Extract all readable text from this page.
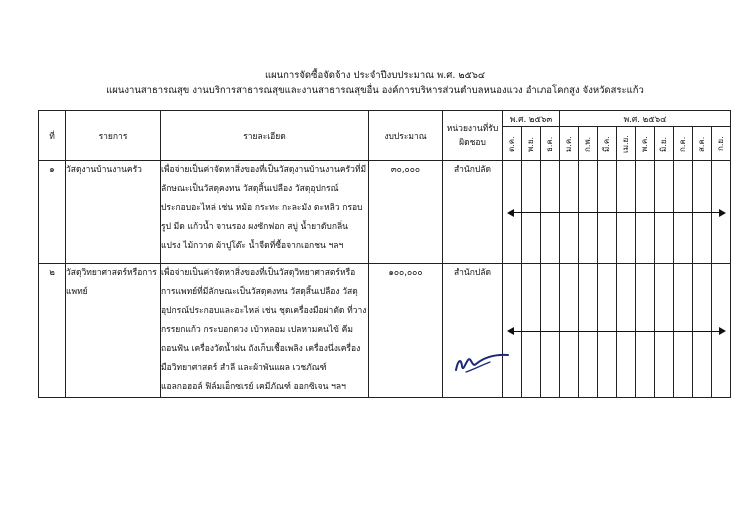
แผนการจัดซื้อจัดจ้าง ประจำปีงบประมาณ พ.ศ. ๒๕๖๔
แผนงานสาธารณสุข งานบริการสาธารณสุขและงานสาธารณสุขอื่น องค์การบริหารส่วนตำบลหนองแวง อำเภอโคกสูง จังหวัดสระแก้ว
ที่	รายการ	รายละเอียด	งบประมาณ	หน่วยงานที่รับผิดชอบ	พ.ศ. ๒๕๖๓			พ.ศ. ๒๕๖๔								

					ต.ค.	พ.ย.	ธ.ค.	ม.ค.	ก.พ.	มี.ค.	เม.ย.	พ.ค.	มิ.ย.	ก.ค.	ส.ค.	ก.ย.

๑	วัสดุงานบ้านงานครัว	เพื่อจ่ายเป็นค่าจัดหาสิ่งของที่เป็นวัสดุงานบ้านงานครัวที่มีลักษณะเป็นวัสดุคงทน วัสดุสิ้นเปลือง วัสดุอุปกรณ์ประกอบอะไหล่ เช่น หม้อ กระทะ กะละมัง ตะหลิว กรอบรูป มีด แก้วน้ำ จานรอง ผงซักฟอก สบู่ น้ำยาดับกลิ่น แปรง ไม้กวาด ผ้าปูโต๊ะ น้ำจืดที่ซื้อจากเอกชน ฯลฯ	๓๐,๐๐๐	สำนักปลัด												

๒	วัสดุวิทยาศาสตร์หรือการแพทย์	เพื่อจ่ายเป็นค่าจัดหาสิ่งของที่เป็นวัสดุวิทยาศาสตร์หรือการแพทย์ที่มีลักษณะเป็นวัสดุคงทน วัสดุสิ้นเปลือง วัสดุอุปกรณ์ประกอบและอะไหล่ เช่น ชุดเครื่องมือผ่าตัด ที่วางกรรยกแก้ว กระบอกตวง เบ้าหลอม เปลหามคนไข้ คีมถอนฟัน เครื่องวัดน้ำฝน ถังเก็บเชื้อเพลิง เครื่องนึ่งเครื่องมือวิทยาศาสตร์ สำลี และผ้าพันแผล เวชภัณฑ์ แอลกอฮอล์ ฟิล์มเอ็กซเรย์ เคมีภัณฑ์ ออกซิเจน ฯลฯ	๑๐๐,๐๐๐	สำนักปลัด												
